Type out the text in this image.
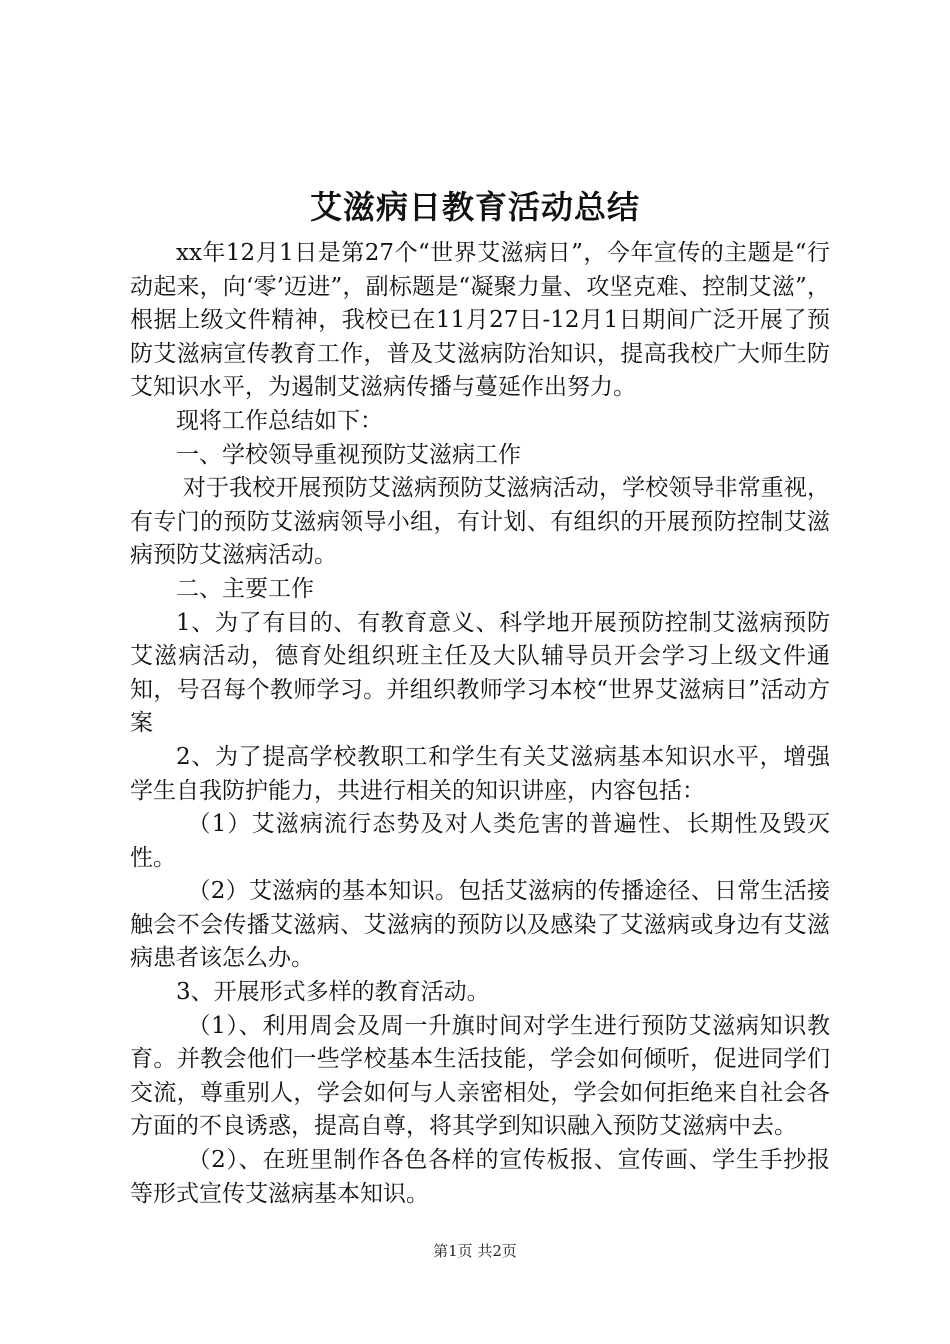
艾滋病日教育活动总结

xx年12月1日是第27个“世界艾滋病日”，今年宣传的主题是“行动起来，向‘零’迈进”，副标题是“凝聚力量、攻坚克难、控制艾滋”，根据上级文件精神，我校已在11月27日-12月1日期间广泛开展了预防艾滋病宣传教育工作，普及艾滋病防治知识，提高我校广大师生防艾知识水平，为遏制艾滋病传播与蔓延作出努力。

现将工作总结如下：

一、学校领导重视预防艾滋病工作

对于我校开展预防艾滋病预防艾滋病活动，学校领导非常重视，有专门的预防艾滋病领导小组，有计划、有组织的开展预防控制艾滋病预防艾滋病活动。

二、主要工作

1、为了有目的、有教育意义、科学地开展预防控制艾滋病预防艾滋病活动，德育处组织班主任及大队辅导员开会学习上级文件通知，号召每个教师学习。并组织教师学习本校“世界艾滋病日”活动方案

2、为了提高学校教职工和学生有关艾滋病基本知识水平，增强学生自我防护能力，共进行相关的知识讲座，内容包括：

（1）艾滋病流行态势及对人类危害的普遍性、长期性及毁灭性。

（2）艾滋病的基本知识。包括艾滋病的传播途径、日常生活接触会不会传播艾滋病、艾滋病的预防以及感染了艾滋病或身边有艾滋病患者该怎么办。

3、开展形式多样的教育活动。

（1）、利用周会及周一升旗时间对学生进行预防艾滋病知识教育。并教会他们一些学校基本生活技能，学会如何倾听，促进同学们交流，尊重别人，学会如何与人亲密相处，学会如何拒绝来自社会各方面的不良诱惑，提高自尊，将其学到知识融入预防艾滋病中去。

（2）、在班里制作各色各样的宣传板报、宣传画、学生手抄报等形式宣传艾滋病基本知识。

第1页 共2页
